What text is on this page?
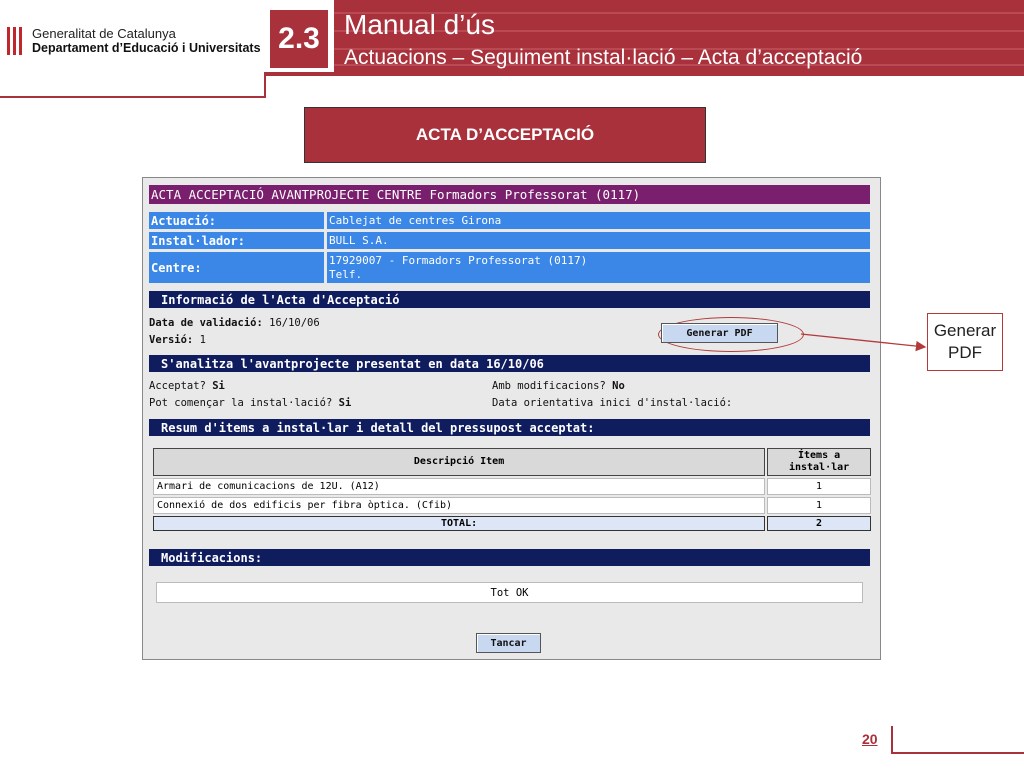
Generalitat de Catalunya
Departament d’Educació i Universitats 2.3 Manual d’ús
Actuacions – Seguiment instal·lació – Acta d’acceptació
ACTA D’ACCEPTACIÓ
ACTA ACCEPTACIÓ AVANTPROJECTE CENTRE Formadors Professorat (0117)
Actuació:	Cablejat de centres Girona
Instal·lador:	BULL S.A.
Centre:
17929007 - Formadors Professorat (0117)
Telf.
Informació de l'Acta d'Acceptació
Data de validació: 16/10/06
Versió: 1
Generar PDF
S'analitza l'avantprojecte presentat en data 16/10/06
Acceptat? Si
Pot començar la instal·lació? Si
Amb modificacions? No
Data orientativa inici d'instal·lació:
Resum d'items a instal·lar i detall del pressupost acceptat:
Descripció Item	Ítems a
instal·lar
Armari de comunicacions de 12U. (A12)	1
Connexió de dos edificis per fibra òptica. (Cfib)	1
TOTAL:	2
Modificacions:
Tot OK
Tancar
Generar
PDF
20
